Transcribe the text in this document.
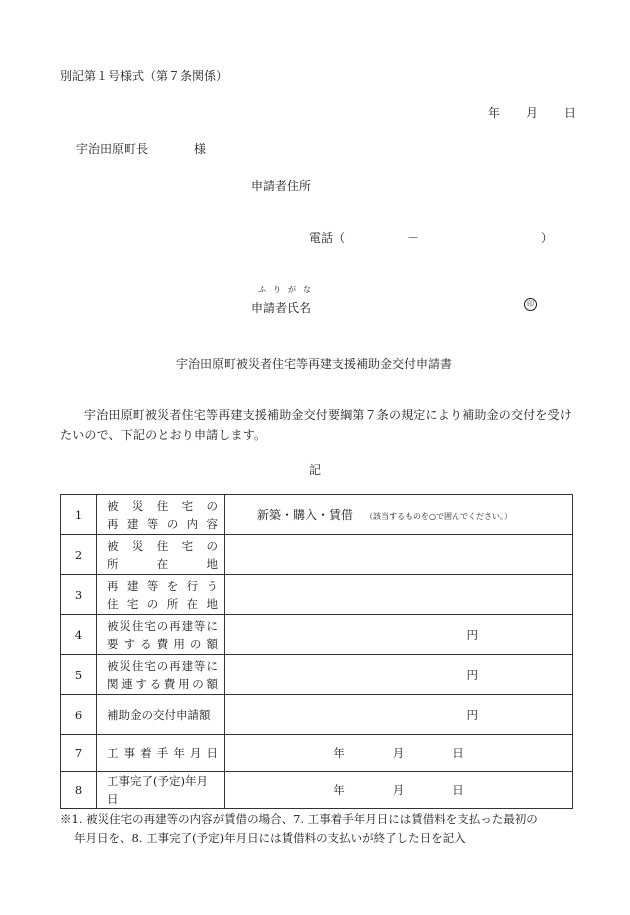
別記第１号様式（第７条関係）
年 月 日
宇治田原町長	様
申請者住所
電話（	－	）
ふりがな
申請者氏名	印
宇治田原町被災者住宅等再建支援補助金交付申請書
宇治田原町被災者住宅等再建支援補助金交付要綱第７条の規定により補助金の交付を受けたいので、下記のとおり申請します。
記
1	被　災　住　宅　の
再 建 等 の 内 容	新築・購入・賃借 （該当するものを○で囲んでください。）
2	被　災　住　宅　の
所　　在　　地	

3	再 建 等 を 行 う
住 宅 の 所 在 地	

4	被災住宅の再建等に
要 す る 費 用 の 額	円

5	被災住宅の再建等に
関連する費用の額	円

6	補助金の交付申請額	円

7	工事着手年月日	年 月 日

8	工事完了(予定)年月日	年 月 日
※1. 被災住宅の再建等の内容が賃借の場合、7. 工事着手年月日には賃借料を支払った最初の
年月日を、8. 工事完了(予定)年月日には賃借料の支払いが終了した日を記入
